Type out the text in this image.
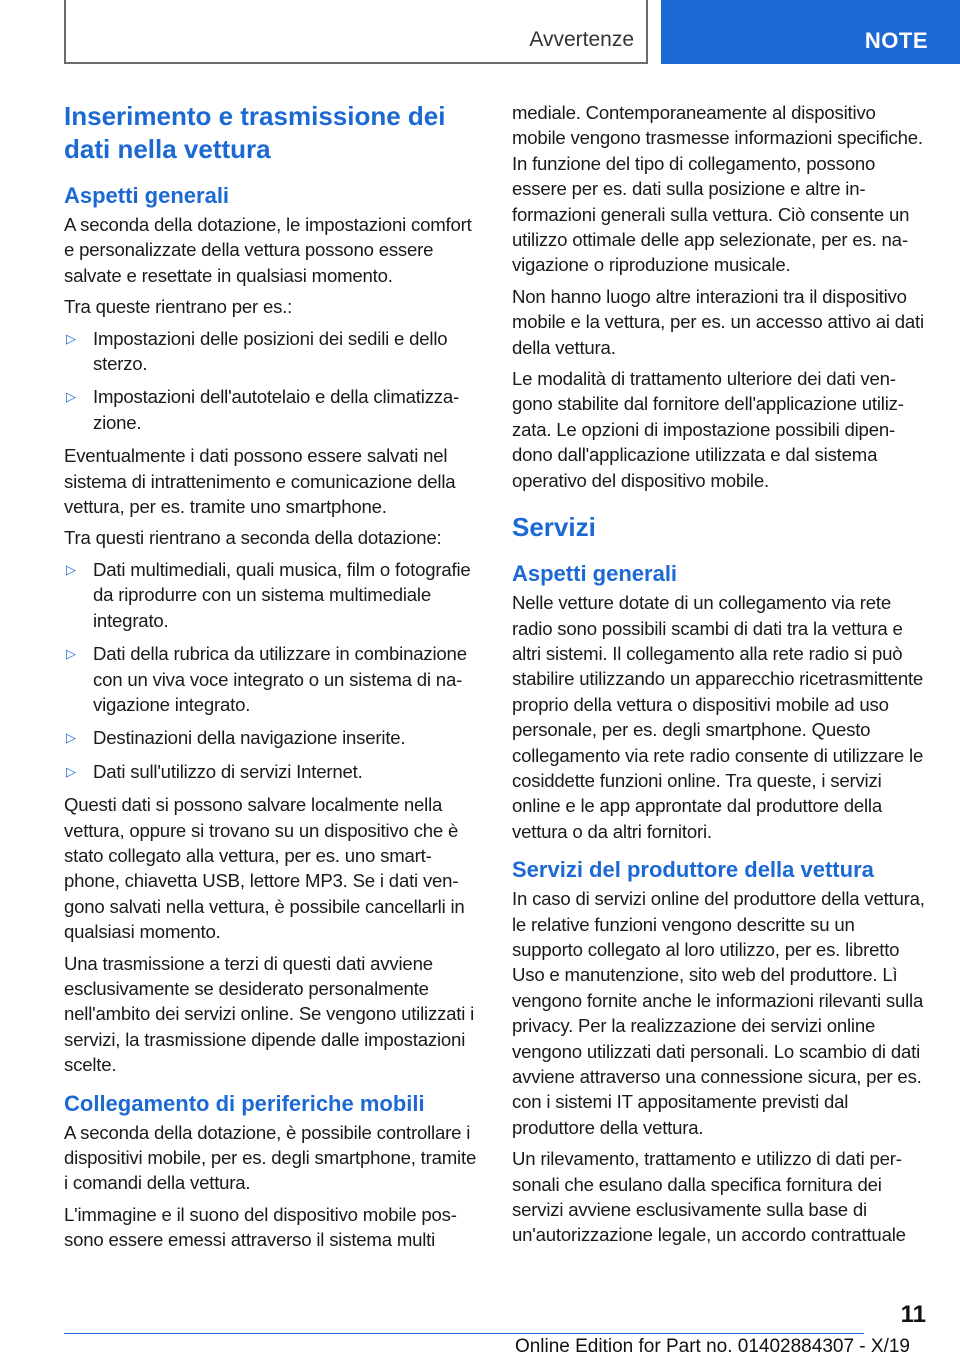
Avvertenze	NOTE
Inserimento e trasmissione dei dati nella vettura
Aspetti generali

A seconda della dotazione, le impostazioni comfort e personalizzate della vettura possono essere salvate e resettate in qualsiasi momento.

Tra queste rientrano per es.:

▷ Impostazioni delle posizioni dei sedili e dello sterzo.
▷ Impostazioni dell'autotelaio e della climatizzazione.

Eventualmente i dati possono essere salvati nel sistema di intrattenimento e comunicazione della vettura, per es. tramite uno smartphone.

Tra questi rientrano a seconda della dotazione:

▷ Dati multimediali, quali musica, film o fotografie da riprodurre con un sistema multimediale integrato.
▷ Dati della rubrica da utilizzare in combinazione con un viva voce integrato o un sistema di navigazione integrato.
▷ Destinazioni della navigazione inserite.
▷ Dati sull'utilizzo di servizi Internet.

Questi dati si possono salvare localmente nella vettura, oppure si trovano su un dispositivo che è stato collegato alla vettura, per es. uno smartphone, chiavetta USB, lettore MP3. Se i dati vengono salvati nella vettura, è possibile cancellarli in qualsiasi momento.

Una trasmissione a terzi di questi dati avviene esclusivamente se desiderato personalmente nell'ambito dei servizi online. Se vengono utilizzati i servizi, la trasmissione dipende dalle impostazioni scelte.

Collegamento di periferiche mobili

A seconda della dotazione, è possibile controllare i dispositivi mobile, per es. degli smartphone, tramite i comandi della vettura.

L'immagine e il suono del dispositivo mobile possono essere emessi attraverso il sistema multi

mediale. Contemporaneamente al dispositivo mobile vengono trasmesse informazioni specifiche. In funzione del tipo di collegamento, possono essere per es. dati sulla posizione e altre informazioni generali sulla vettura. Ciò consente un utilizzo ottimale delle app selezionate, per es. navigazione o riproduzione musicale.

Non hanno luogo altre interazioni tra il dispositivo mobile e la vettura, per es. un accesso attivo ai dati della vettura.

Le modalità di trattamento ulteriore dei dati vengono stabilite dal fornitore dell'applicazione utilizzata. Le opzioni di impostazione possibili dipendono dall'applicazione utilizzata e dal sistema operativo del dispositivo mobile.

Servizi
Aspetti generali

Nelle vetture dotate di un collegamento via rete radio sono possibili scambi di dati tra la vettura e altri sistemi. Il collegamento alla rete radio si può stabilire utilizzando un apparecchio ricetrasmittente proprio della vettura o dispositivi mobile ad uso personale, per es. degli smartphone. Questo collegamento via rete radio consente di utilizzare le cosiddette funzioni online. Tra queste, i servizi online e le app approntate dal produttore della vettura o da altri fornitori.

Servizi del produttore della vettura

In caso di servizi online del produttore della vettura, le relative funzioni vengono descritte su un supporto collegato al loro utilizzo, per es. libretto Uso e manutenzione, sito web del produttore. Lì vengono fornite anche le informazioni rilevanti sulla privacy. Per la realizzazione dei servizi online vengono utilizzati dati personali. Lo scambio di dati avviene attraverso una connessione sicura, per es. con i sistemi IT appositamente previsti dal produttore della vettura.

Un rilevamento, trattamento e utilizzo di dati personali che esulano dalla specifica fornitura dei servizi avviene esclusivamente sulla base di un'autorizzazione legale, un accordo contrattuale

11
Online Edition for Part no. 01402884307 - X/19
